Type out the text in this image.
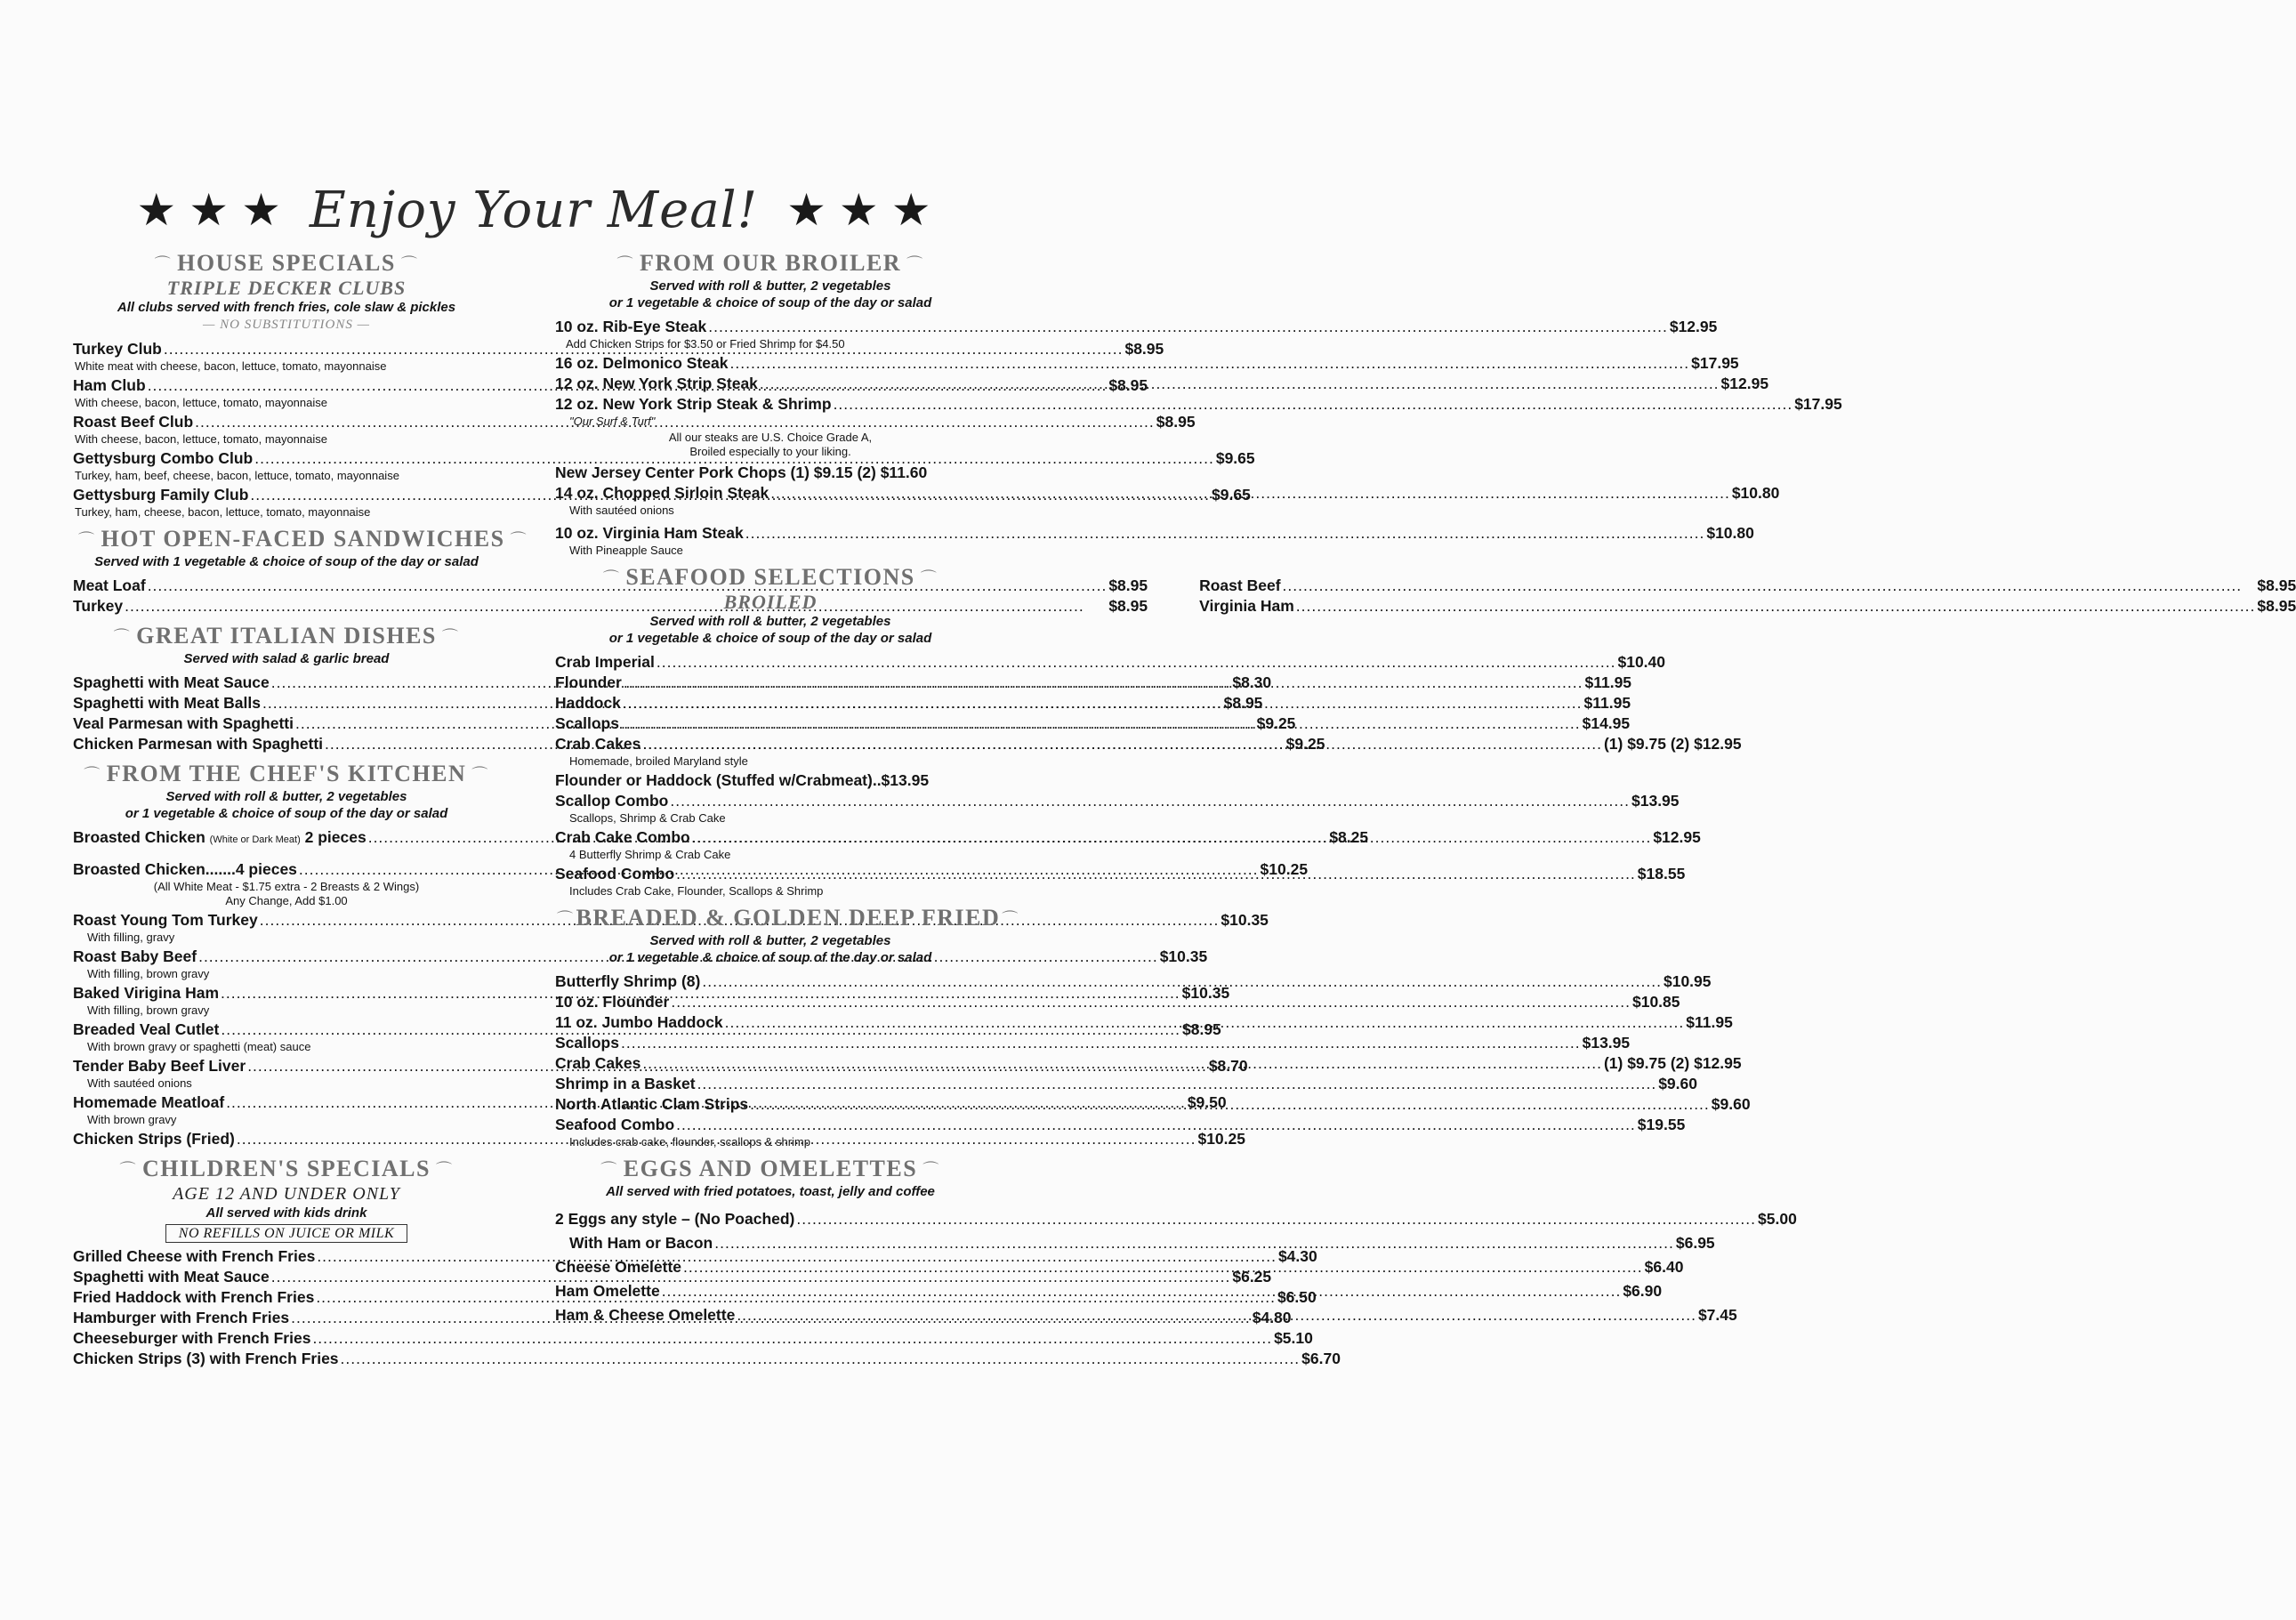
★ ★ ★ Enjoy Your Meal! ★ ★ ★
⌒ HOUSE SPECIALS ⌒
TRIPLE DECKER CLUBS
All clubs served with french fries, cole slaw & pickles
— NO SUBSTITUTIONS —
Turkey Club .....	$8.95
White meat with cheese, bacon, lettuce, tomato, mayonnaise
Ham Club .....	$8.95
With cheese, bacon, lettuce, tomato, mayonnaise
Roast Beef Club .....	$8.95
With cheese, bacon, lettuce, tomato, mayonnaise
Gettysburg Combo Club .....	$9.65
Turkey, ham, beef, cheese, bacon, lettuce, tomato, mayonnaise
Gettysburg Family Club .....	$9.65
Turkey, ham, cheese, bacon, lettuce, tomato, mayonnaise
⌒ HOT OPEN-FACED SANDWICHES ⌒
Served with 1 vegetable & choice of soup of the day or salad
Meat Loaf .....	$8.95	Roast Beef .....	$8.95
Turkey .....	$8.95	Virginia Ham .....	$8.95
⌒ GREAT ITALIAN DISHES ⌒
Served with salad & garlic bread
Spaghetti with Meat Sauce .....	$8.30
Spaghetti with Meat Balls .....	$8.95
Veal Parmesan with Spaghetti .....	$9.25
Chicken Parmesan with Spaghetti .....	$9.25
⌒ FROM THE CHEF'S KITCHEN ⌒
Served with roll & butter, 2 vegetables
or 1 vegetable & choice of soup of the day or salad
Broasted Chicken (White or Dark Meat) 2 pieces .....	$8.25
Broasted Chicken.......4 pieces .....	$10.25
(All White Meat - $1.75 extra - 2 Breasts & 2 Wings)
Any Change, Add $1.00
Roast Young Tom Turkey .....	$10.35
With filling, gravy
Roast Baby Beef .....	$10.35
With filling, brown gravy
Baked Virigina Ham .....	$10.35
With filling, brown gravy
Breaded Veal Cutlet .....	$8.95
With brown gravy or spaghetti (meat) sauce
Tender Baby Beef Liver .....	$8.70
With sautéed onions
Homemade Meatloaf .....	$9.50
With brown gravy
Chicken Strips (Fried) .....	$10.25
⌒ CHILDREN'S SPECIALS ⌒
AGE 12 AND UNDER ONLY
All served with kids drink
NO REFILLS ON JUICE OR MILK
Grilled Cheese with French Fries .....	$4.30
Spaghetti with Meat Sauce .....	$6.25
Fried Haddock with French Fries .....	$6.50
Hamburger with French Fries .....	$4.80
Cheeseburger with French Fries .....	$5.10
Chicken Strips (3) with French Fries .....	$6.70
⌒ FROM OUR BROILER ⌒
Served with roll & butter, 2 vegetables
or 1 vegetable & choice of soup of the day or salad
10 oz. Rib-Eye Steak .....	$12.95
Add Chicken Strips for $3.50 or Fried Shrimp for $4.50
16 oz. Delmonico Steak .....	$17.95
12 oz. New York Strip Steak .....	$12.95
12 oz. New York Strip Steak & Shrimp .....	$17.95
"Our Surf & Turf"
All our steaks are U.S. Choice Grade A,
Broiled especially to your liking.
New Jersey Center Pork Chops (1) $9.15 (2) $11.60
14 oz. Chopped Sirloin Steak .....	$10.80
With sautéed onions
10 oz. Virginia Ham Steak .....	$10.80
With Pineapple Sauce
⌒ SEAFOOD SELECTIONS ⌒
BROILED
Served with roll & butter, 2 vegetables
or 1 vegetable & choice of soup of the day or salad
Crab Imperial .....	$10.40
Flounder .....	$11.95
Haddock .....	$11.95
Scallops .....	$14.95
Crab Cakes .....	(1) $9.75 (2) $12.95
Homemade, broiled Maryland style
Flounder or Haddock (Stuffed w/Crabmeat)..$13.95
Scallop Combo .....	$13.95
Scallops, Shrimp & Crab Cake
Crab Cake Combo .....	$12.95
4 Butterfly Shrimp & Crab Cake
Seafood Combo .....	$18.55
Includes Crab Cake, Flounder, Scallops & Shrimp
⌒BREADED & GOLDEN DEEP FRIED ⌒
Served with roll & butter, 2 vegetables
or 1 vegetable & choice of soup of the day or salad
Butterfly Shrimp (8) .....	$10.95
10 oz. Flounder .....	$10.85
11 oz. Jumbo Haddock .....	$11.95
Scallops .....	$13.95
Crab Cakes .....	(1) $9.75 (2) $12.95
Shrimp in a Basket .....	$9.60
North Atlantic Clam Strips .....	$9.60
Seafood Combo .....	$19.55
Includes crab cake, flounder, scallops & shrimp
⌒ EGGS AND OMELETTES ⌒
All served with fried potatoes, toast, jelly and coffee
2 Eggs any style – (No Poached) .....	$5.00
With Ham or Bacon .....	$6.95
Cheese Omelette .....	$6.40
Ham Omelette .....	$6.90
Ham & Cheese Omelette .....	$7.45
